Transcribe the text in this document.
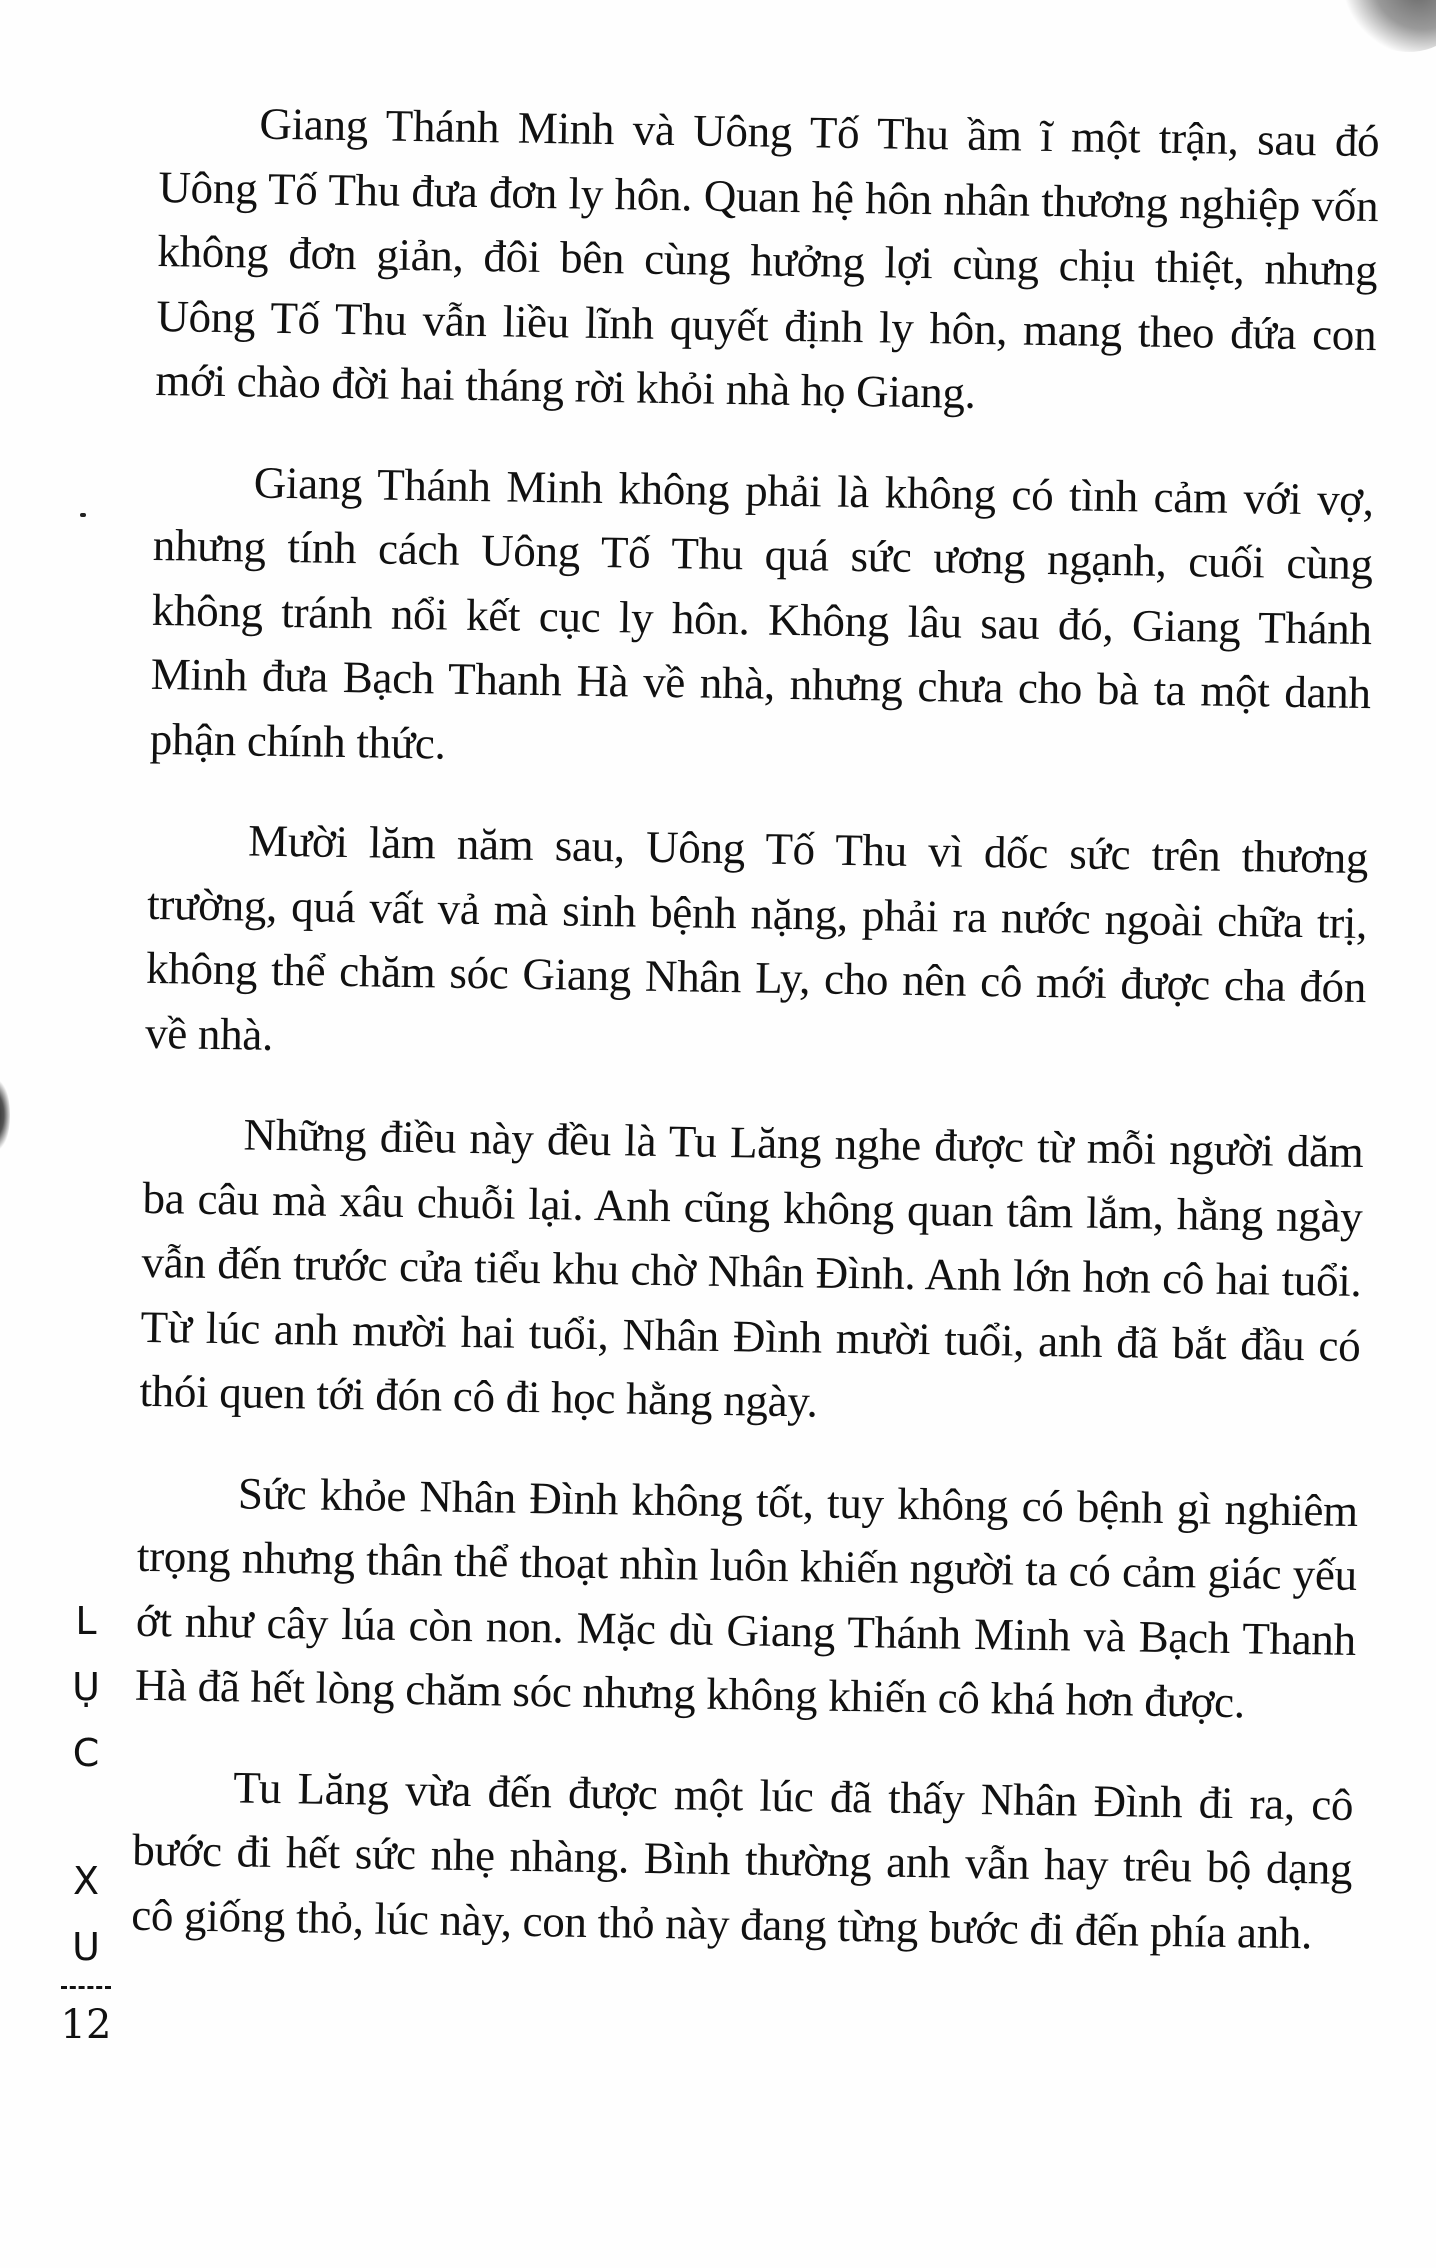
Giang Thánh Minh và Uông Tố Thu ầm ĩ một trận, sau đó Uông Tố Thu đưa đơn ly hôn. Quan hệ hôn nhân thương nghiệp vốn không đơn giản, đôi bên cùng hưởng lợi cùng chịu thiệt, nhưng Uông Tố Thu vẫn liều lĩnh quyết định ly hôn, mang theo đứa con mới chào đời hai tháng rời khỏi nhà họ Giang.

Giang Thánh Minh không phải là không có tình cảm với vợ, nhưng tính cách Uông Tố Thu quá sức ương ngạnh, cuối cùng không tránh nổi kết cục ly hôn. Không lâu sau đó, Giang Thánh Minh đưa Bạch Thanh Hà về nhà, nhưng chưa cho bà ta một danh phận chính thức.

Mười lăm năm sau, Uông Tố Thu vì dốc sức trên thương trường, quá vất vả mà sinh bệnh nặng, phải ra nước ngoài chữa trị, không thể chăm sóc Giang Nhân Ly, cho nên cô mới được cha đón về nhà.

Những điều này đều là Tu Lăng nghe được từ mỗi người dăm ba câu mà xâu chuỗi lại. Anh cũng không quan tâm lắm, hằng ngày vẫn đến trước cửa tiểu khu chờ Nhân Đình. Anh lớn hơn cô hai tuổi. Từ lúc anh mười hai tuổi, Nhân Đình mười tuổi, anh đã bắt đầu có thói quen tới đón cô đi học hằng ngày.

Sức khỏe Nhân Đình không tốt, tuy không có bệnh gì nghiêm trọng nhưng thân thể thoạt nhìn luôn khiến người ta có cảm giác yếu ớt như cây lúa còn non. Mặc dù Giang Thánh Minh và Bạch Thanh Hà đã hết lòng chăm sóc nhưng không khiến cô khá hơn được.

Tu Lăng vừa đến được một lúc đã thấy Nhân Đình đi ra, cô bước đi hết sức nhẹ nhàng. Bình thường anh vẫn hay trêu bộ dạng cô giống thỏ, lúc này, con thỏ này đang từng bước đi đến phía anh.

L
Ụ
C
X
U
12
